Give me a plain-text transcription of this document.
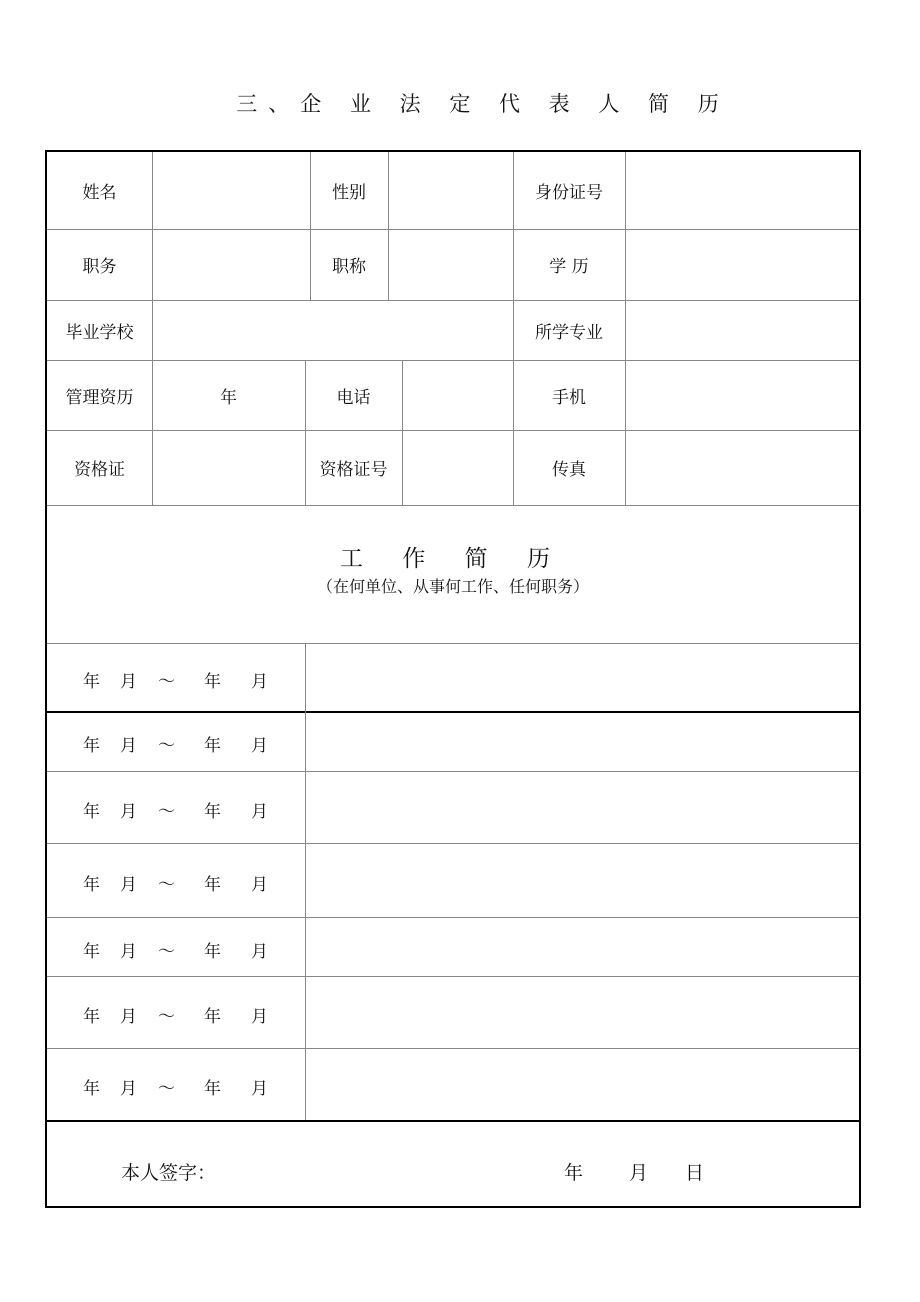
三、企 业 法 定 代 表 人 简 历
姓名	性别	身份证号
职务	职称	学 历
毕业学校	所学专业
管理资历	年	电话	手机
资格证	资格证号	传真
工 作 简 历
（在何单位、从事何工作、任何职务）
年 月 ～ 年 月
年 月 ～ 年 月
年 月 ～ 年 月
年 月 ～ 年 月
年 月 ～ 年 月
年 月 ～ 年 月
年 月 ～ 年 月
本人签字：	年 月 日
